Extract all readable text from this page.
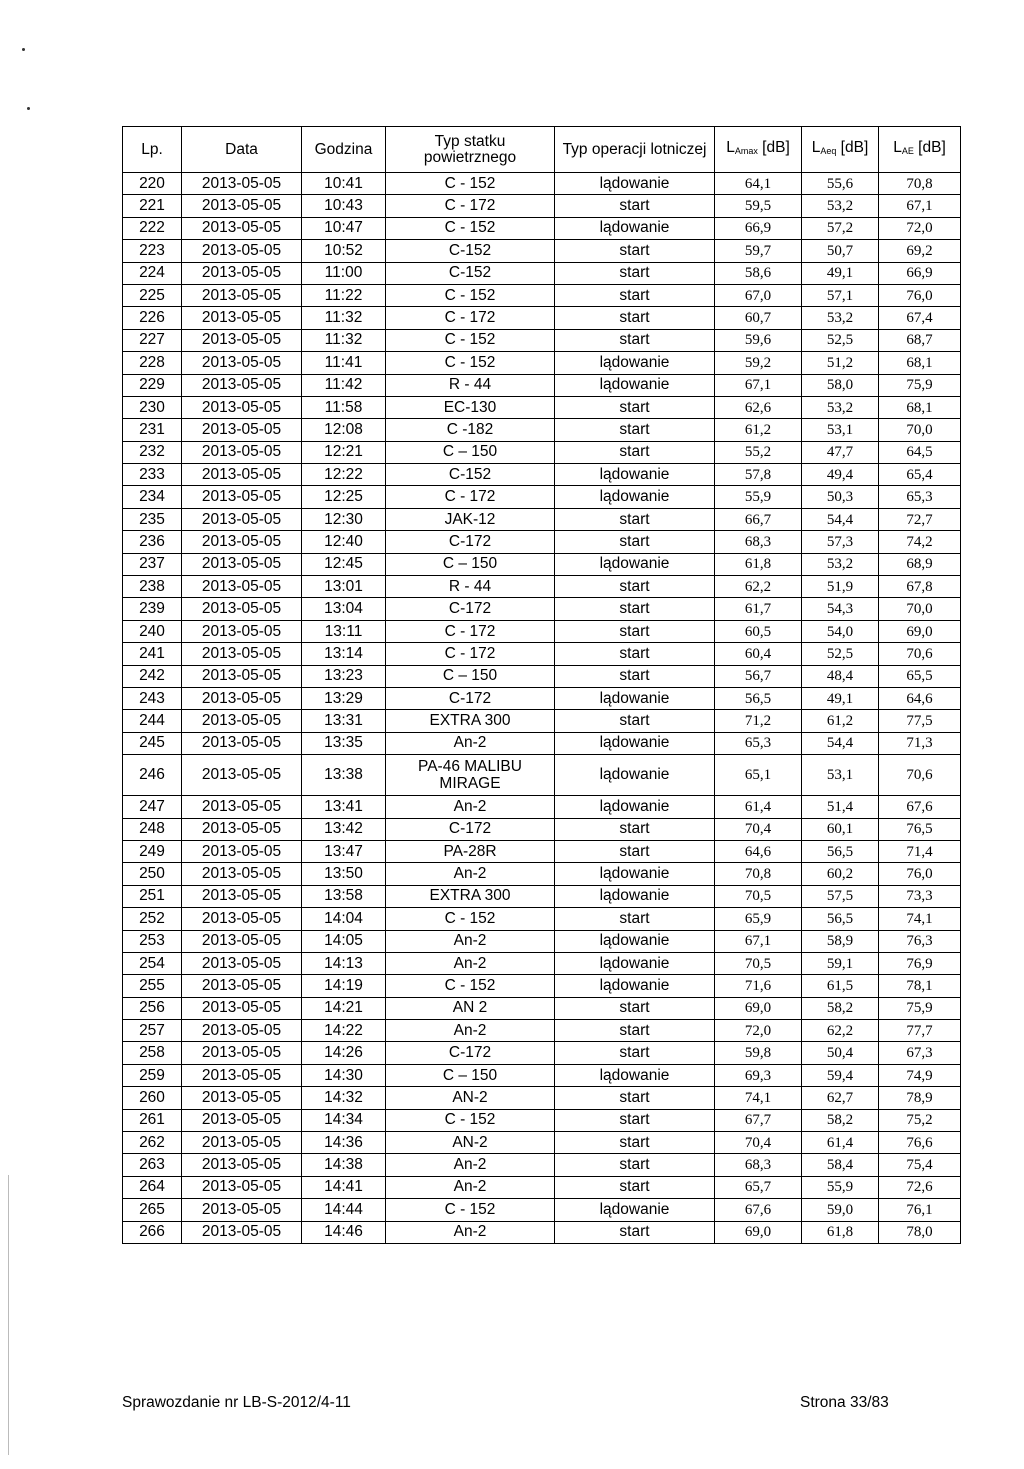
Lp.	Data	Godzina	Typ statku powietrznego	Typ operacji lotniczej	$L_{Amax}$ [dB]	$L_{Aeq}$ [dB]	$L_{AE}$ [dB]
220	2013-05-05	10:41	C - 152	lądowanie	64,1	55,6	70,8
221	2013-05-05	10:43	C - 172	start	59,5	53,2	67,1
222	2013-05-05	10:47	C - 152	lądowanie	66,9	57,2	72,0
223	2013-05-05	10:52	C-152	start	59,7	50,7	69,2
224	2013-05-05	11:00	C-152	start	58,6	49,1	66,9
225	2013-05-05	11:22	C - 152	start	67,0	57,1	76,0
226	2013-05-05	11:32	C - 172	start	60,7	53,2	67,4
227	2013-05-05	11:32	C - 152	start	59,6	52,5	68,7
228	2013-05-05	11:41	C - 152	lądowanie	59,2	51,2	68,1
229	2013-05-05	11:42	R - 44	lądowanie	67,1	58,0	75,9
230	2013-05-05	11:58	EC-130	start	62,6	53,2	68,1
231	2013-05-05	12:08	C -182	start	61,2	53,1	70,0
232	2013-05-05	12:21	C – 150	start	55,2	47,7	64,5
233	2013-05-05	12:22	C-152	lądowanie	57,8	49,4	65,4
234	2013-05-05	12:25	C - 172	lądowanie	55,9	50,3	65,3
235	2013-05-05	12:30	JAK-12	start	66,7	54,4	72,7
236	2013-05-05	12:40	C-172	start	68,3	57,3	74,2
237	2013-05-05	12:45	C – 150	lądowanie	61,8	53,2	68,9
238	2013-05-05	13:01	R - 44	start	62,2	51,9	67,8
239	2013-05-05	13:04	C-172	start	61,7	54,3	70,0
240	2013-05-05	13:11	C - 172	start	60,5	54,0	69,0
241	2013-05-05	13:14	C - 172	start	60,4	52,5	70,6
242	2013-05-05	13:23	C – 150	start	56,7	48,4	65,5
243	2013-05-05	13:29	C-172	lądowanie	56,5	49,1	64,6
244	2013-05-05	13:31	EXTRA 300	start	71,2	61,2	77,5
245	2013-05-05	13:35	An-2	lądowanie	65,3	54,4	71,3
246	2013-05-05	13:38	PA-46 MALIBU MIRAGE	lądowanie	65,1	53,1	70,6
247	2013-05-05	13:41	An-2	lądowanie	61,4	51,4	67,6
248	2013-05-05	13:42	C-172	start	70,4	60,1	76,5
249	2013-05-05	13:47	PA-28R	start	64,6	56,5	71,4
250	2013-05-05	13:50	An-2	lądowanie	70,8	60,2	76,0
251	2013-05-05	13:58	EXTRA 300	lądowanie	70,5	57,5	73,3
252	2013-05-05	14:04	C - 152	start	65,9	56,5	74,1
253	2013-05-05	14:05	An-2	lądowanie	67,1	58,9	76,3
254	2013-05-05	14:13	An-2	lądowanie	70,5	59,1	76,9
255	2013-05-05	14:19	C - 152	lądowanie	71,6	61,5	78,1
256	2013-05-05	14:21	AN 2	start	69,0	58,2	75,9
257	2013-05-05	14:22	An-2	start	72,0	62,2	77,7
258	2013-05-05	14:26	C-172	start	59,8	50,4	67,3
259	2013-05-05	14:30	C – 150	lądowanie	69,3	59,4	74,9
260	2013-05-05	14:32	AN-2	start	74,1	62,7	78,9
261	2013-05-05	14:34	C - 152	start	67,7	58,2	75,2
262	2013-05-05	14:36	AN-2	start	70,4	61,4	76,6
263	2013-05-05	14:38	An-2	start	68,3	58,4	75,4
264	2013-05-05	14:41	An-2	start	65,7	55,9	72,6
265	2013-05-05	14:44	C - 152	lądowanie	67,6	59,0	76,1
266	2013-05-05	14:46	An-2	start	69,0	61,8	78,0
Sprawozdanie nr LB-S-2012/4-11	Strona 33/83
